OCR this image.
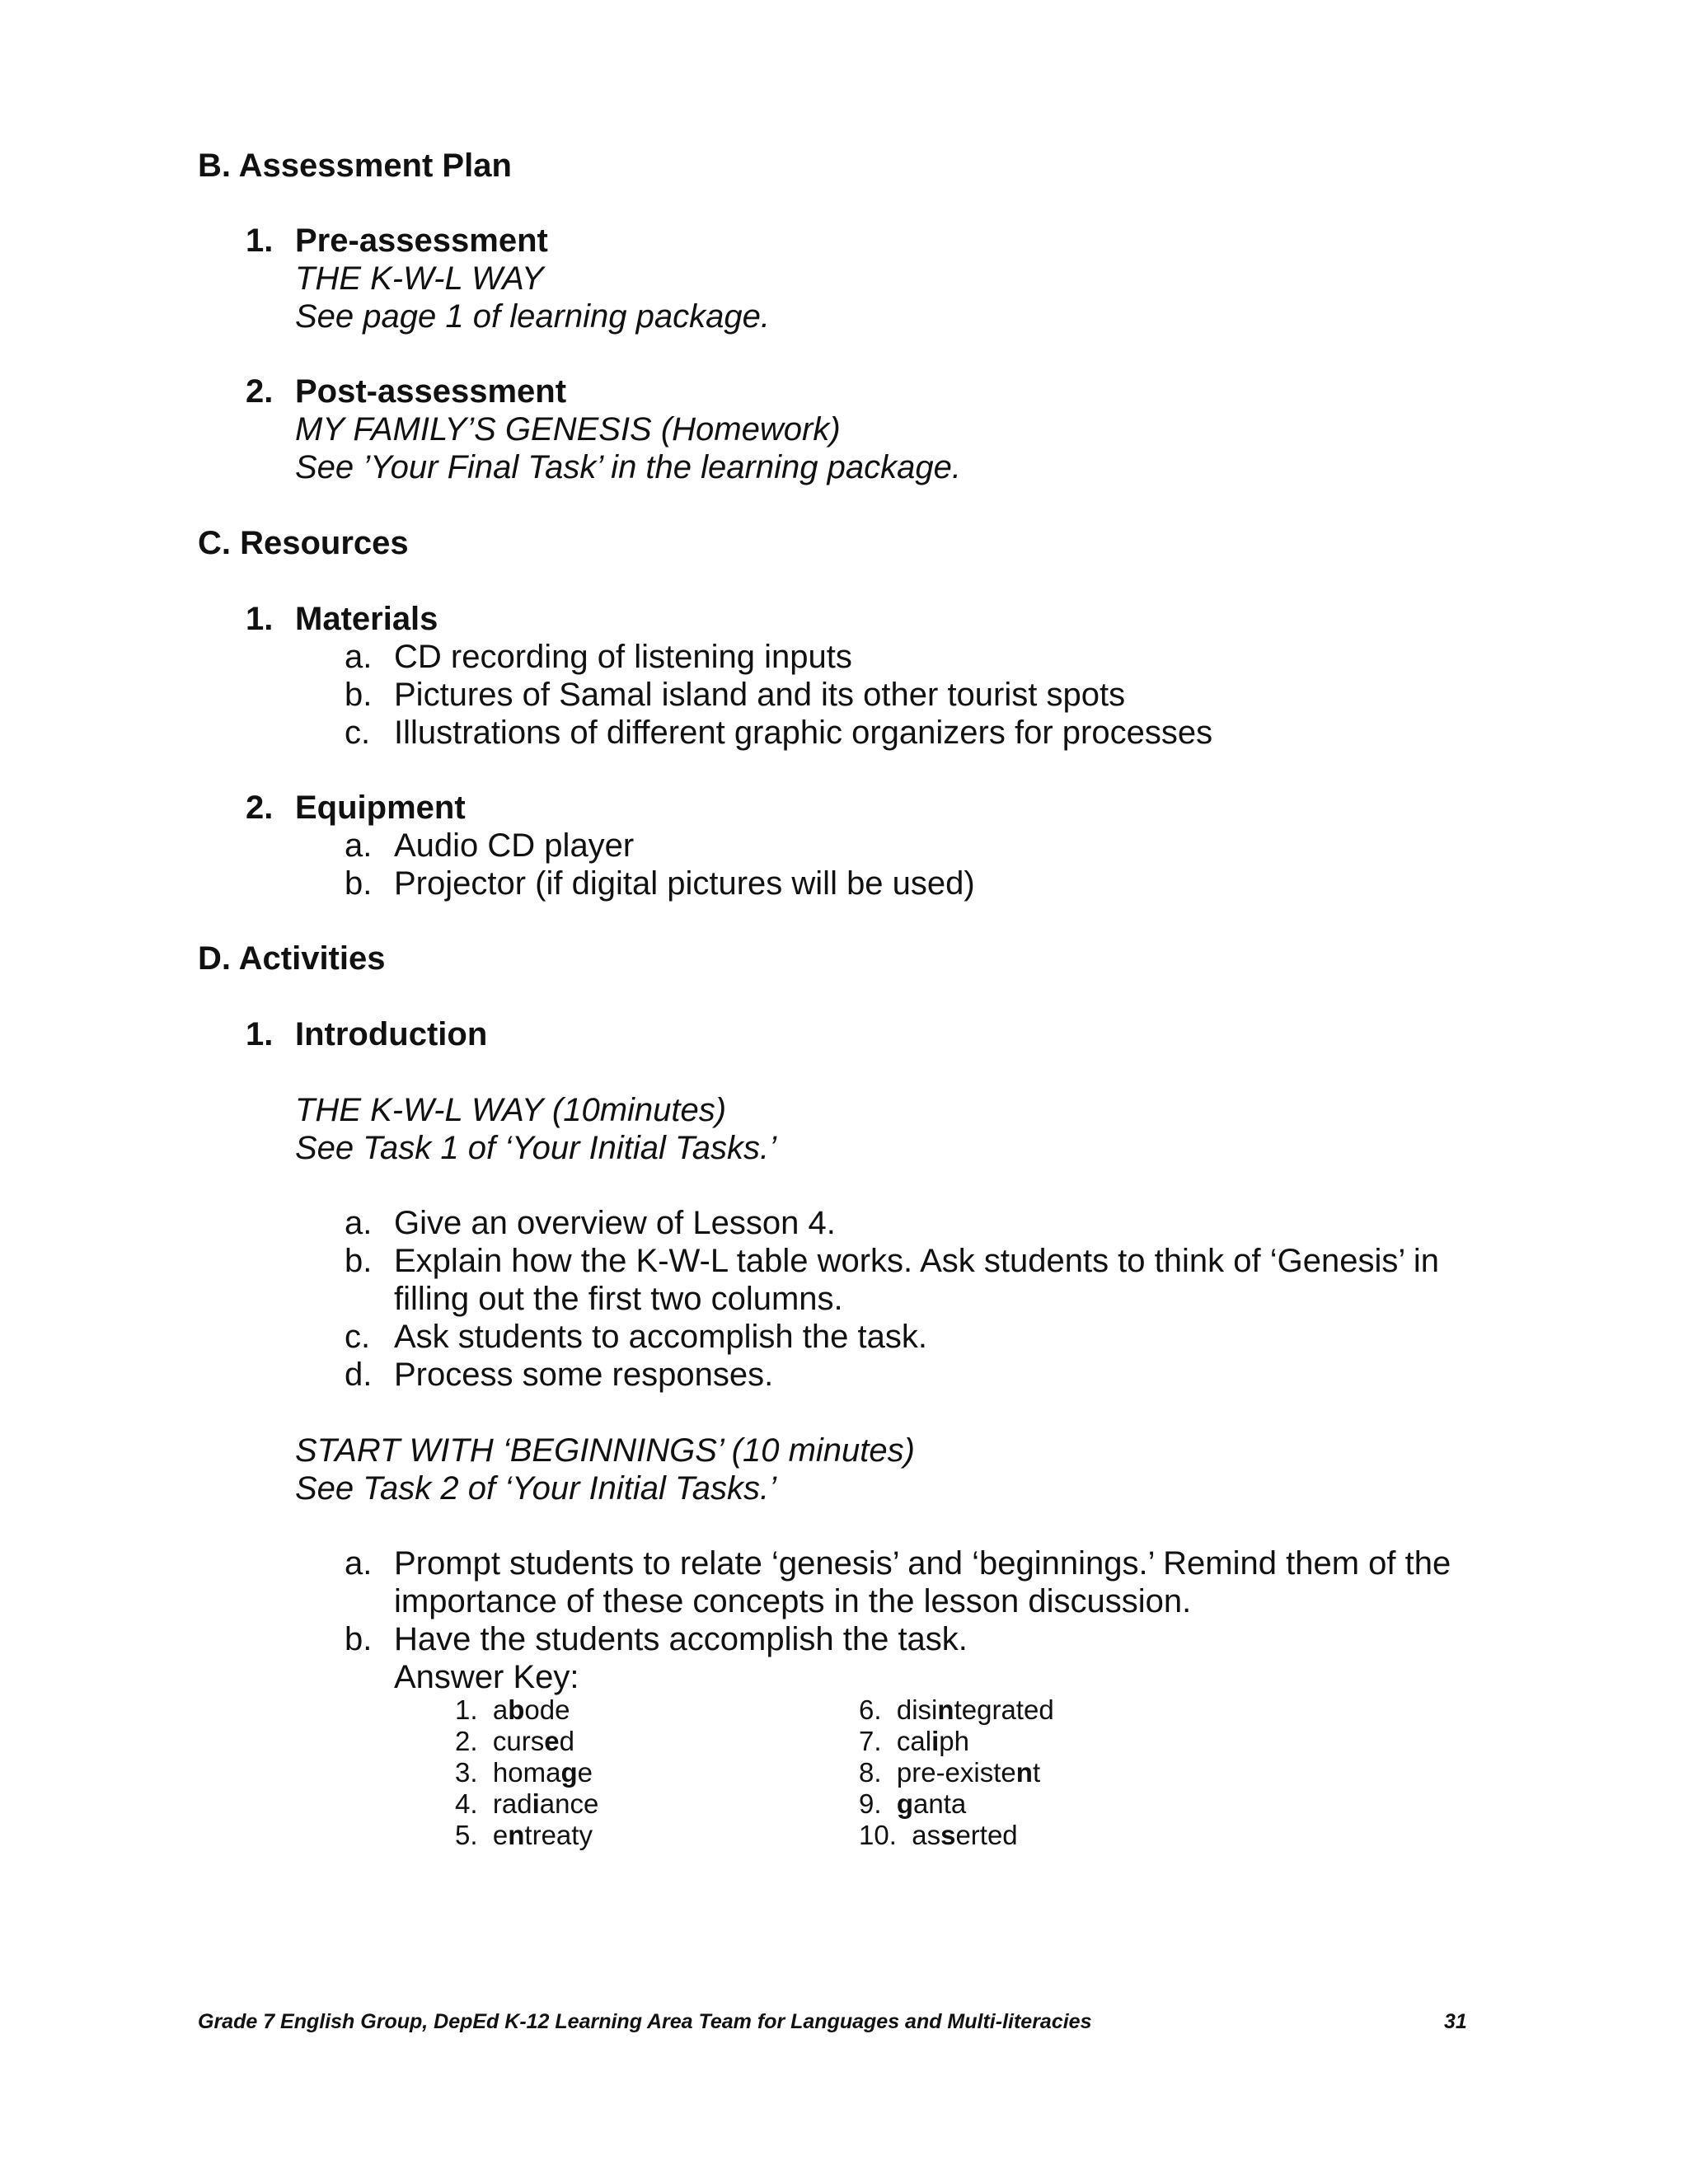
B. Assessment Plan
1. Pre-assessment
THE K-W-L WAY
See page 1 of learning package.
2. Post-assessment
MY FAMILY’S GENESIS (Homework)
See ’Your Final Task’ in the learning package.
C. Resources
1. Materials
a. CD recording of listening inputs
b. Pictures of Samal island and its other tourist spots
c. Illustrations of different graphic organizers for processes
2. Equipment
a. Audio CD player
b. Projector (if digital pictures will be used)
D. Activities
1. Introduction
THE K-W-L WAY (10minutes)
See Task 1 of ‘Your Initial Tasks.’
a. Give an overview of Lesson 4.
b. Explain how the K-W-L table works. Ask students to think of ‘Genesis’ in
filling out the first two columns.
c. Ask students to accomplish the task.
d. Process some responses.
START WITH ‘BEGINNINGS’ (10 minutes)
See Task 2 of ‘Your Initial Tasks.’
a. Prompt students to relate ‘genesis’ and ‘beginnings.’ Remind them of the
importance of these concepts in the lesson discussion.
b. Have the students accomplish the task.
Answer Key:
1. abode
2. cursed
3. homage
4. radiance
5. entreaty
6. disintegrated
7. caliph
8. pre-existent
9. ganta
10. asserted
Grade 7 English Group, DepEd K-12 Learning Area Team for Languages and Multi-literacies	31
